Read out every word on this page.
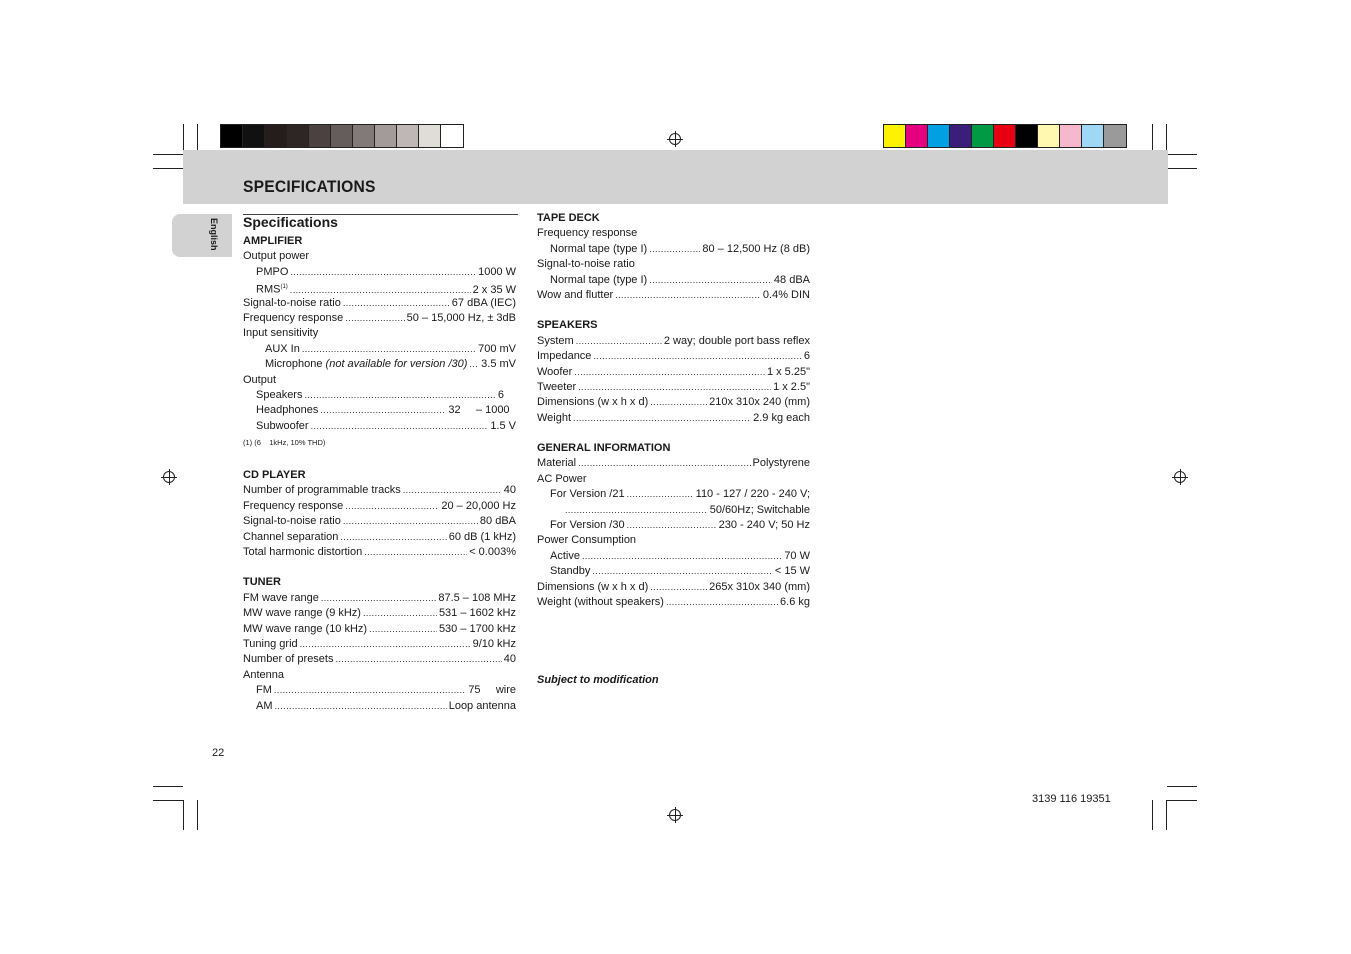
SPECIFICATIONS
English Specifications
AMPLIFIER
Output power
PMPO .....	1000 W
RMS$^{(1)}$ .....	2 x 35 W
Signal-to-noise ratio .....	67 dBA (IEC)
Frequency response .....	50 – 15,000 Hz, ± 3dB
Input sensitivity
AUX In .....	700 mV
Microphone (not available for version /30) ..... 3.5 mV
Output
Speakers .....	6
Headphones .....	32     – 1000
Subwoofer .....	1.5 V
(1) (6    1kHz, 10% THD)
CD PLAYER
Number of programmable tracks .....	40
Frequency response .....	20 – 20,000 Hz
Signal-to-noise ratio .....	80 dBA
Channel separation .....	60 dB (1 kHz)
Total harmonic distortion .....	< 0.003%
TUNER
FM wave range .....	87.5 – 108 MHz
MW wave range (9 kHz) .....	531 – 1602 kHz
MW wave range (10 kHz) .....	530 – 1700 kHz
Tuning grid .....	9/10 kHz
Number of presets .....	40
Antenna
FM .....	75     wire
AM .....	Loop antenna
TAPE DECK
Frequency response
Normal tape (type I) .....	80 – 12,500 Hz (8 dB)
Signal-to-noise ratio
Normal tape (type I) .....	48 dBA
Wow and flutter .....	0.4% DIN
SPEAKERS
System .....	2 way; double port bass reflex
Impedance .....	6
Woofer .....	1 x 5.25"
Tweeter .....	1 x 2.5"
Dimensions (w x h x d) .....	210x 310x 240 (mm)
Weight .....	2.9 kg each
GENERAL INFORMATION
Material .....	Polystyrene
AC Power
For Version /21 .....	110 - 127 / 220 - 240 V;
.....
50/60Hz; Switchable
For Version /30 .....	230 - 240 V; 50 Hz
Power Consumption
Active .....	70 W
Standby .....	< 15 W
Dimensions (w x h x d) .....	265x 310x 340 (mm)
Weight (without speakers) .....	6.6 kg
Subject to modification
22
3139 116 19351
